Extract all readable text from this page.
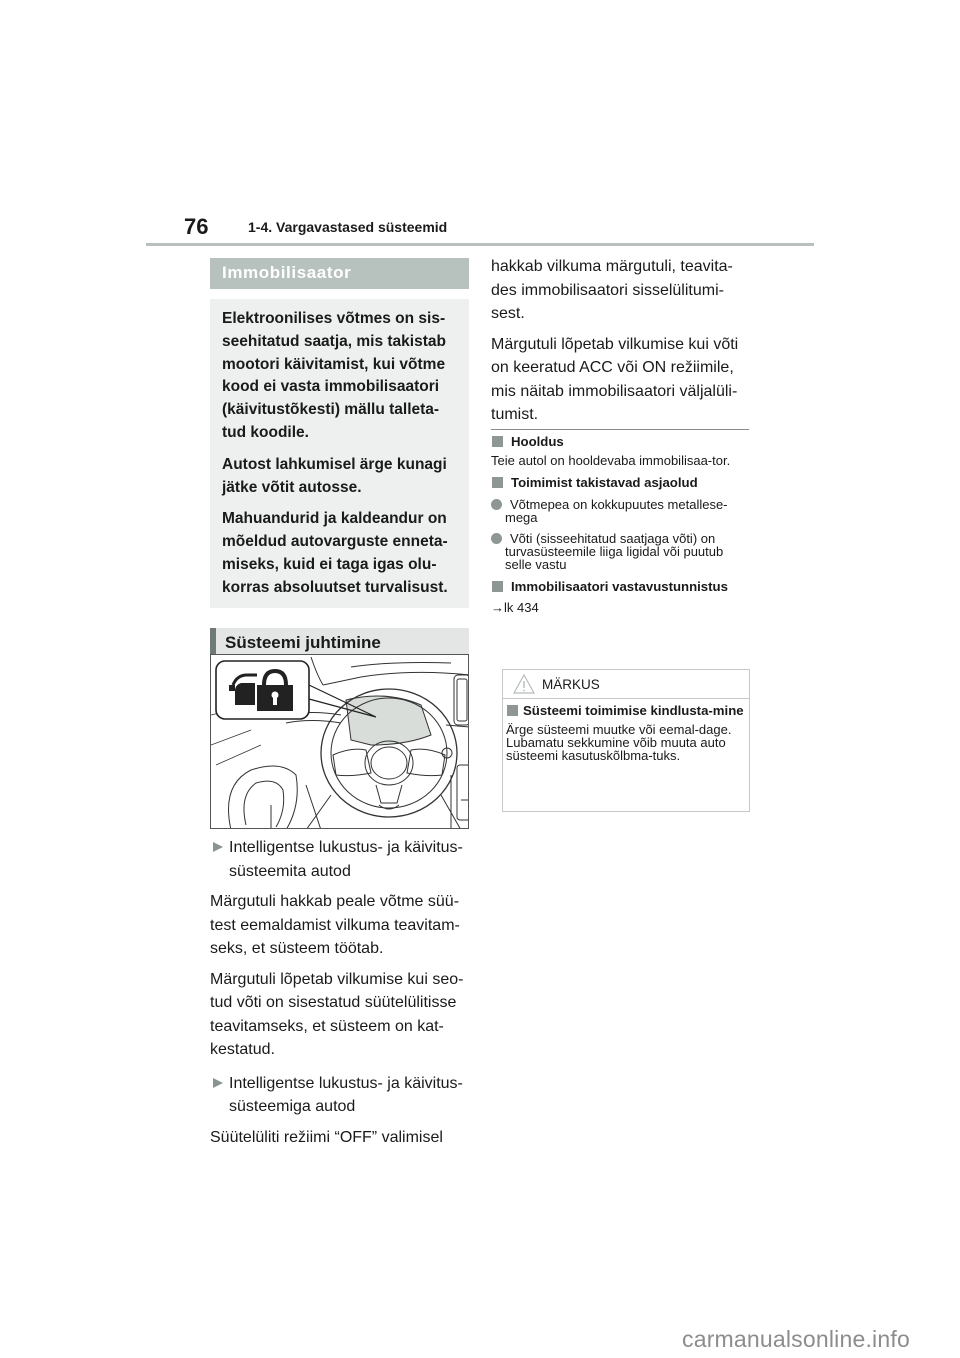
76	1-4. Vargavastased süsteemid
Immobilisaator

Elektroonilises võtmes on sis-seehitatud saatja, mis takistab mootori käivitamist, kui võtme kood ei vasta immobilisaatori (käivitustõkesti) mällu talleta-tud koodile.

Autost lahkumisel ärge kunagi jätke võtit autosse.

Mahuandurid ja kaldeandur on mõeldud autovarguste enneta-miseks, kuid ei taga igas olu-korras absoluutset turvalisust.

Süsteemi juhtimine
Intelligentse lukustus- ja käivitus-süsteemita autod

Märgutuli hakkab peale võtme süü-test eemaldamist vilkuma teavitam-seks, et süsteem töötab.

Märgutuli lõpetab vilkumise kui seo-tud võti on sisestatud süütelülitisse teavitamseks, et süsteem on kat-kestatud.

Intelligentse lukustus- ja käivitus-süsteemiga autod

Süütelüliti režiimi “OFF” valimisel

hakkab vilkuma märgutuli, teavita-des immobilisaatori sisselülitumi-sest.

Märgutuli lõpetab vilkumise kui võti on keeratud ACC või ON režiimile, mis näitab immobilisaatori väljalüli-tumist.

Hooldus

Teie autol on hooldevaba immobilisaa-tor.

Toimimist takistavad asjaolud
Võtmepea on kokkupuutes metallese-mega
Võti (sisseehitatud saatjaga võti) on turvasüsteemile liiga ligidal või puutub selle vastu
Immobilisaatori vastavustunnistus

→lk 434

MÄRKUS
Süsteemi toimimise kindlusta-mine

Ärge süsteemi muutke või eemal-dage. Lubamatu sekkumine võib muuta auto süsteemi kasutuskõlbma-tuks.

carmanualsonline.info
